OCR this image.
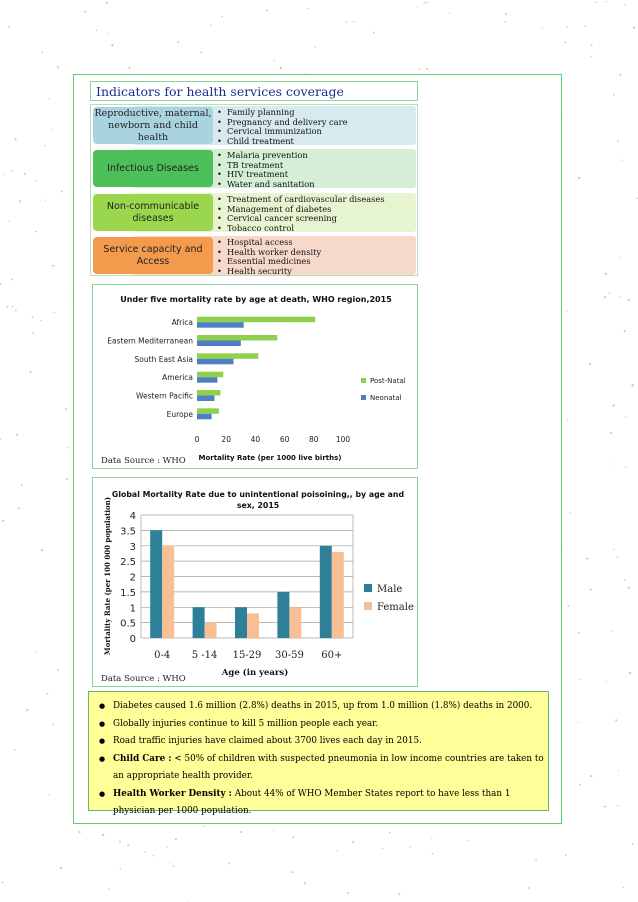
Indicators for health services coverage
Reproductive, maternal, newborn and child health
• Family planning
• Pregnancy and delivery care
• Cervical immunization
• Child treatment
Infectious Diseases
• Malaria prevention
• TB treatment
• HIV treatment
• Water and sanitation
Non-communicable diseases
• Treatment of cardiovascular diseases
• Management of diabetes
• Cervical cancer screening
• Tobacco control
Service capacity and Access
• Hospital access
• Health worker density
• Essential medicines
• Health security
Under five mortality rate by age at death, WHO region,2015
Africa
Eastern Mediterranean
South East Asia
America
Western Pacific
Europe
0	20	40	60	80 100
Mortality Rate (per 1000 live births)
Post-Natal
Neonatal
Data Source : WHO
Global Mortality Rate due to unintentional poisoining,, by age and
sex, 2015
0
0.5
1
1.5
2
2.5
3
3.5
4
0-4 5 -14 15-29 30-59 60+
Age (in years)
Mortality Rate (per 100 000 population)	Male
Female
Data Source : WHO
● Diabetes caused 1.6 million (2.8%) deaths in 2015, up from 1.0 million (1.8%) deaths in 2000.
● Globally injuries continue to kill 5 million people each year.
● Road traffic injuries have claimed about 3700 lives each day in 2015.
● Child Care : < 50% of children with suspected pneumonia in low income countries are taken to an appropriate health provider.
● Health Worker Density : About 44% of WHO Member States report to have less than 1 physician per 1000 population.
